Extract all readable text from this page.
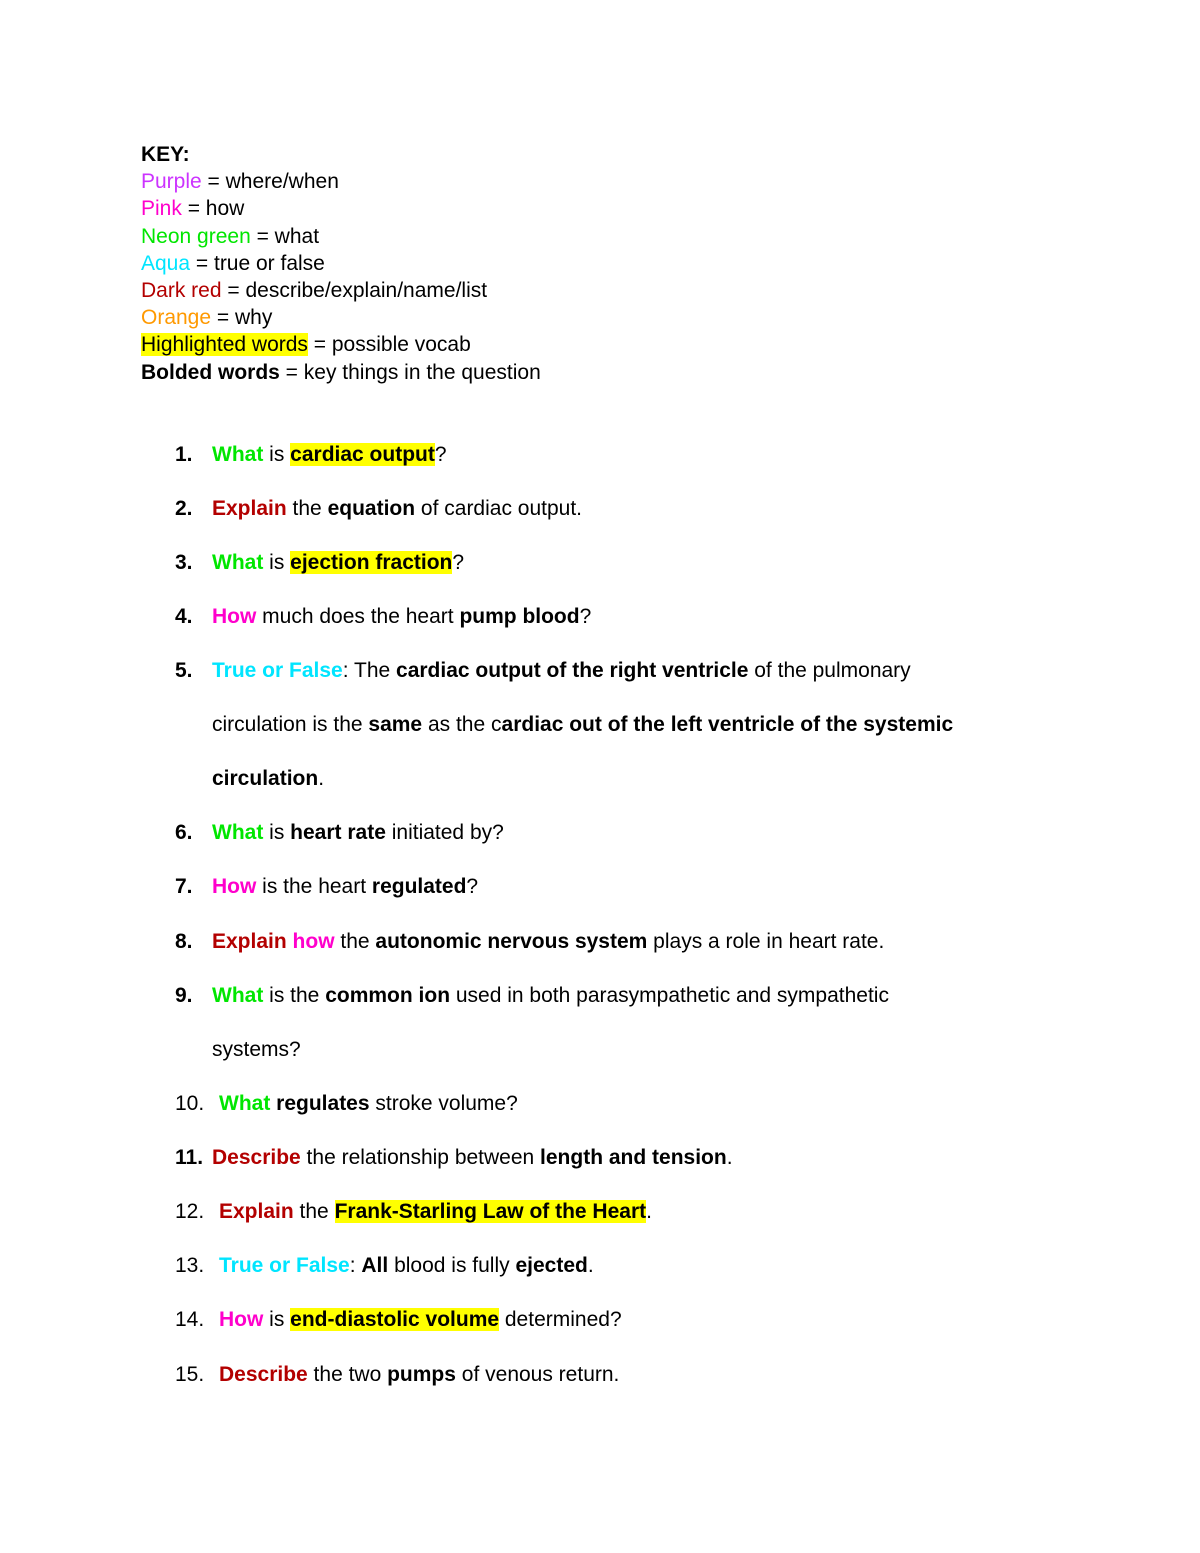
KEY:
Purple = where/when
Pink = how
Neon green = what
Aqua = true or false
Dark red = describe/explain/name/list
Orange = why
Highlighted words = possible vocab
Bolded words = key things in the question
1. What is cardiac output?
2. Explain the equation of cardiac output.
3. What is ejection fraction?
4. How much does the heart pump blood?
5. True or False: The cardiac output of the right ventricle of the pulmonary
circulation is the same as the cardiac out of the left ventricle of the systemic
circulation.
6. What is heart rate initiated by?
7. How is the heart regulated?
8. Explain how the autonomic nervous system plays a role in heart rate.
9. What is the common ion used in both parasympathetic and sympathetic
systems?
10. What regulates stroke volume?
11. Describe the relationship between length and tension.
12. Explain the Frank-Starling Law of the Heart.
13. True or False: All blood is fully ejected.
14. How is end-diastolic volume determined?
15. Describe the two pumps of venous return.
